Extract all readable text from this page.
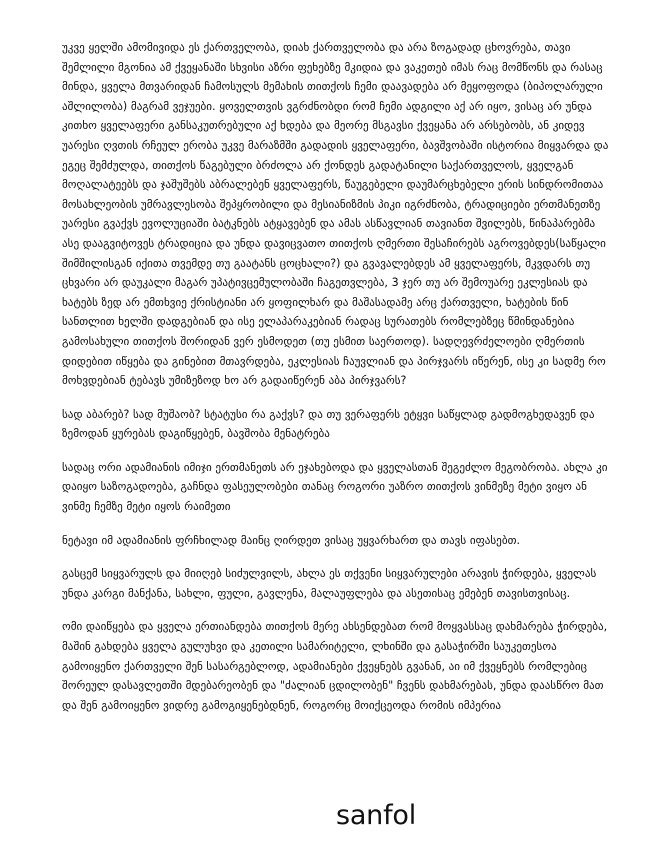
უკვე ყელში ამომივიდა ეს ქართველობა, დიახ ქართველობა და არა ზოგადად ცხოვრება, თავი შემლილი მგონია ამ ქვეყანაში სხვისი აზრი ფეხებზე მკიდია და ვაკეთებ იმას რაც მომწონს და რასაც მინდა, ყველა მთვარიდან ჩამოსულს მემახის თითქოს ჩემი დაავადება არ მეყოფოდა (ბიპოლარული აშლილობა) მაგრამ ვეჯუები. ყოველთვის ვგრძნობდი რომ ჩემი ადგილი აქ არ იყო, ვისაც არ უნდა კითხო ყველაფერი განსაკუთრებული აქ ხდება და მეორე მსგავსი ქვეყანა არ არსებობს, ან კიდევ უარესი ღვთის რჩეულ ერობა უკვე მარაზმში გადადის ყველაფერი, ბავშვობაში ისტორია მიყვარდა და ეგეც შემძულდა, თითქოს წაგებული ბრძოლა არ ქონდეს გადატანილი საქართველოს, ყველგან მოღალატეებს და ჯაშუშებს აბრალებენ ყველაფერს, წაუგებელი დაუმარცხებელი ერის სინდრომითაა მოსახლეობის უმრავლესობა შეპყრობილი და მესიანიზმის პიკი იგრძნობა, ტრადიციები ერთმანეთზე უარესი გვაქვს ევოლუციაში ბატკნებს ატყავებენ და ამას ასწავლიან თავიანთ შვილებს, წინაპარებმა ასე დააგვიტოვეს ტრადიცია და უნდა დავიცვათო თითქოს ღმერთი შესაჩირებს აგროვებდეს(საწყალი შიმშილისგან იქითა თვემდე თუ გაატანს ცოცხალი?) და გვავალებდეს ამ ყველაფერს, მკვდარს თუ ცხვარი არ დაუკალი მაგარ უპატივცემულობაში ჩაგეთვლება, 3 ჯერ თუ არ შემოუარე ეკლესიას და ხატებს ზედ არ ემთხვიე ქრისტიანი არ ყოფილხარ და მაშასადამე არც ქართველი, ხატების წინ სანთლით ხელში დადგებიან და ისე ელაპარაკებიან რადაც სურათებს რომლებზეც წმინდანებია გამოსახული თითქოს შორიდან ვერ ესმოდეთ (თუ ესმით საერთოდ). სადღევრძელოები ღმერთის დიდებით იწყება და გინებით მთავრდება, ეკლესიას ჩაუვლიან და პირჯვარს იწერენ, ისე კი სადმე რო მოხვდებიან ტებავს უმიზეზოდ ხო არ გადაიწერენ აბა პირჯვარს?

სად აბარებ? სად მუშაობ? სტატუსი რა გაქვს? და თუ ვერაფერს ეტყვი საწყლად გადმოგხედავენ და ზემოდან ყურებას დაგიწყებენ, ბავშობა მენატრება

სადაც ორი ადამიანის იმიჯი ერთმანეთს არ ეჯახებოდა და ყველასთან შეგეძლო მეგობრობა. ახლა კი დაიყო საზოგადოება, გაჩნდა ფასეულობები თანაც როგორი უაზრო თითქოს ვინმეზე მეტი ვიყო ან ვინმე ჩემზე მეტი იყოს რაიმეთი

ნეტავი იმ ადამიანის ფრჩხილად მაინც ღირდეთ ვისაც უყვარხართ და თავს იფასებთ.

გასცემ სიყვარულს და მიიღებ სიძულვილს, ახლა ეს თქვენი სიყვარულები არავის ჭირდება, ყველას უნდა კარგი მანქანა, სახლი, ფული, გავლენა, მალაუფლება და ასეთისაც ემებენ თავისთვისაც.

ომი დაიწყება და ყველა ერთიანდება თითქოს მერე ახსენდებათ რომ მოყვასსაც დახმარება ჭირდება, მაშინ გახდება ყველა გულუხვი და კეთილი სამარიტელი, ლხინში და გასაჭირში საუკეთესოა გამოიყენო ქართველი შენ სასარგებლოდ, ადამიანები ქვეყნებს გვანან, აი იმ ქვეყნებს რომლებიც შორეულ დასავლეთში მდებარეობენ და "ძალიან ცდილობენ" ჩვენს დახმარებას, უნდა დაასწრო მათ და შენ გამოიყენო ვიდრე გამოგიყენებდნენ, როგორც მოიქცეოდა რომის იმპერია

sanfol
